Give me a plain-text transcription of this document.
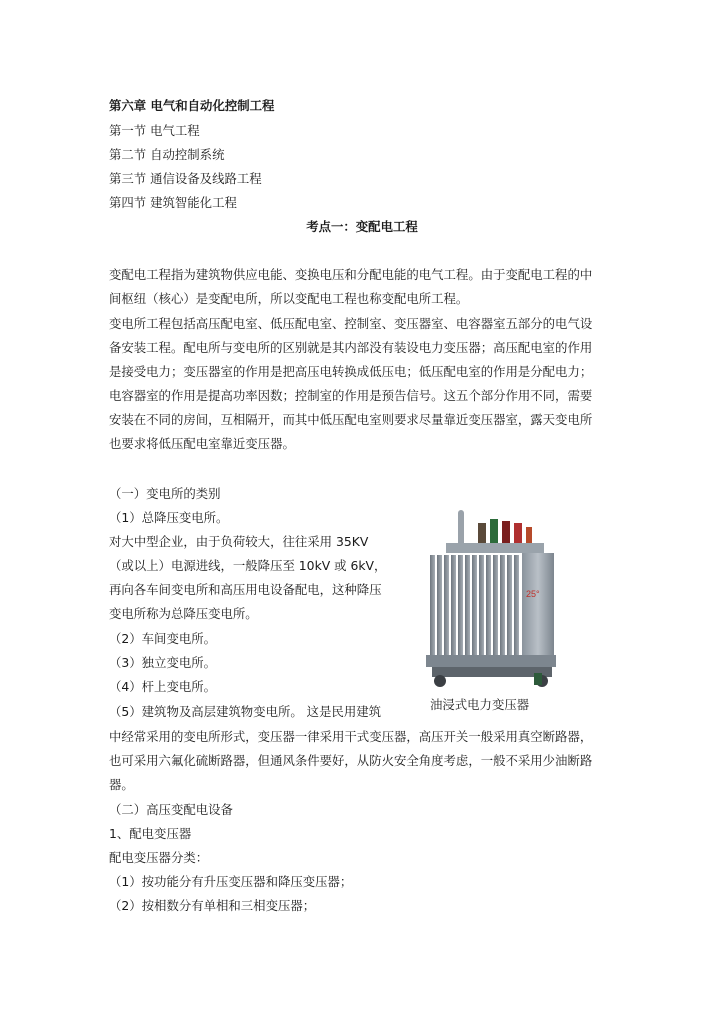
第六章 电气和自动化控制工程
第一节 电气工程
第二节 自动控制系统
第三节 通信设备及线路工程
第四节 建筑智能化工程
考点一：变配电工程
变配电工程指为建筑物供应电能、变换电压和分配电能的电气工程。由于变配电工程的中
间枢纽（核心）是变配电所，所以变配电工程也称变配电所工程。
变电所工程包括高压配电室、低压配电室、控制室、变压器室、电容器室五部分的电气设
备安装工程。配电所与变电所的区别就是其内部没有装设电力变压器；高压配电室的作用
是接受电力；变压器室的作用是把高压电转换成低压电；低压配电室的作用是分配电力；
电容器室的作用是提高功率因数；控制室的作用是预告信号。这五个部分作用不同，需要
安装在不同的房间，互相隔开，而其中低压配电室则要求尽量靠近变压器室，露天变电所
也要求将低压配电室靠近变压器。
（一）变电所的类别
（1）总降压变电所。
对大中型企业，由于负荷较大，往往采用 35KV
（或以上）电源进线，一般降压至 10kV 或 6kV，
再向各车间变电所和高压用电设备配电，这种降压
变电所称为总降压变电所。
（2）车间变电所。
（3）独立变电所。
（4）杆上变电所。
（5）建筑物及高层建筑物变电所。 这是民用建筑
中经常采用的变电所形式，变压器一律采用干式变压器，高压开关一般采用真空断路器，
也可采用六氟化硫断路器，但通风条件要好，从防火安全角度考虑，一般不采用少油断路
器。
（二）高压变配电设备
1、配电变压器
配电变压器分类：
（1）按功能分有升压变压器和降压变压器；
（2）按相数分有单相和三相变压器；
25°
油浸式电力变压器
